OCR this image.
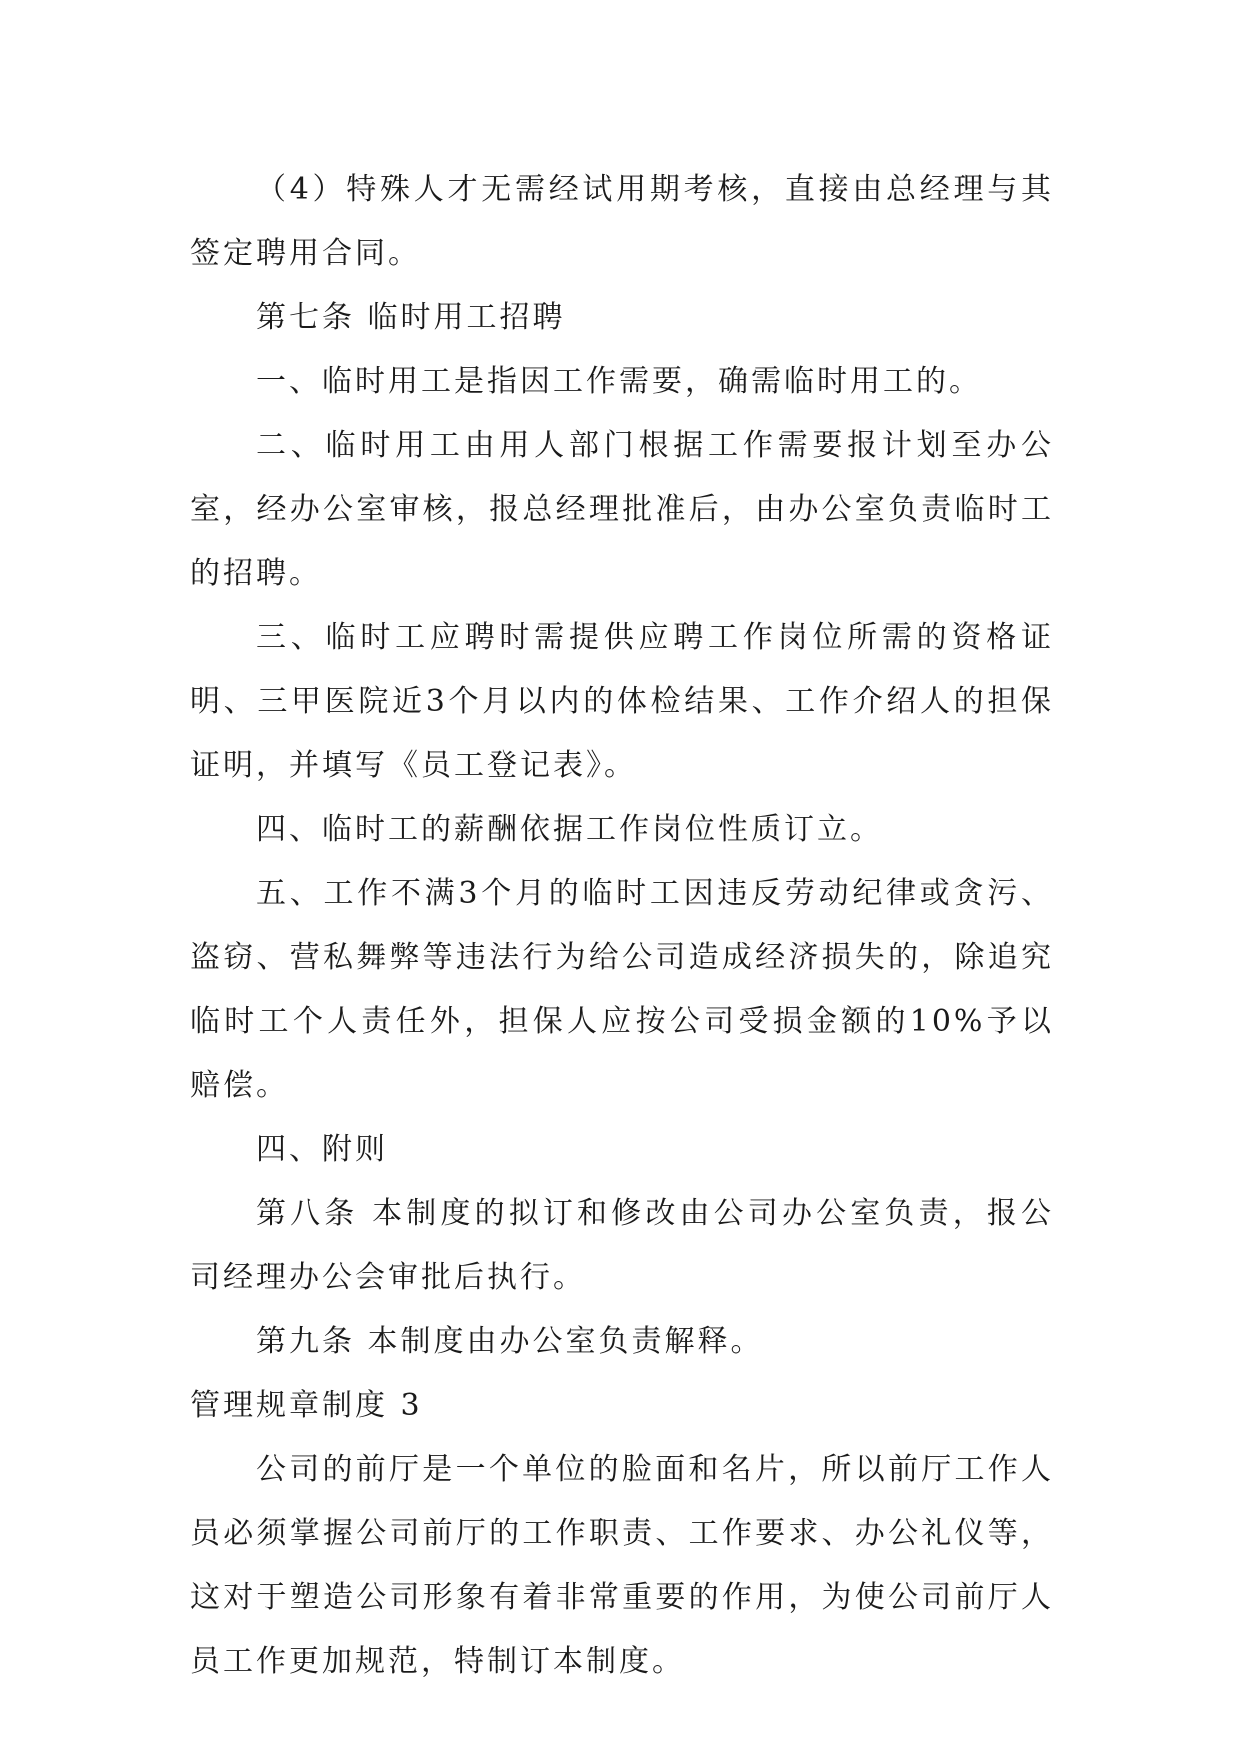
（4）特殊人才无需经试用期考核，直接由总经理与其签定聘用合同。

第七条 临时用工招聘

一、临时用工是指因工作需要，确需临时用工的。

二、临时用工由用人部门根据工作需要报计划至办公室，经办公室审核，报总经理批准后，由办公室负责临时工的招聘。

三、临时工应聘时需提供应聘工作岗位所需的资格证明、三甲医院近3个月以内的体检结果、工作介绍人的担保证明，并填写《员工登记表》。

四、临时工的薪酬依据工作岗位性质订立。

五、工作不满3个月的临时工因违反劳动纪律或贪污、盗窃、营私舞弊等违法行为给公司造成经济损失的，除追究临时工个人责任外，担保人应按公司受损金额的10%予以赔偿。

四、附则

第八条 本制度的拟订和修改由公司办公室负责，报公司经理办公会审批后执行。

第九条 本制度由办公室负责解释。

管理规章制度 3

公司的前厅是一个单位的脸面和名片，所以前厅工作人员必须掌握公司前厅的工作职责、工作要求、办公礼仪等，这对于塑造公司形象有着非常重要的作用，为使公司前厅人员工作更加规范，特制订本制度。
